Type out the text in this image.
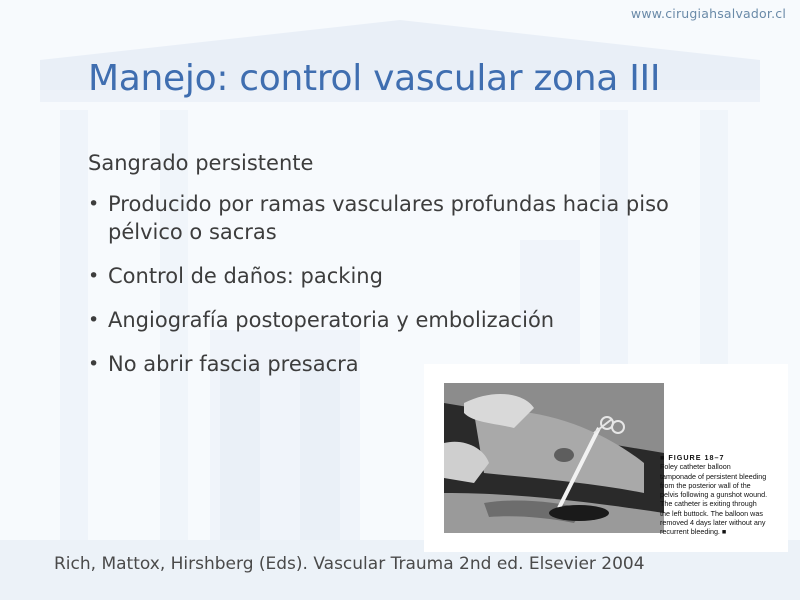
www.cirugiahsalvador.cl
Manejo: control vascular zona III

Sangrado persistente

• Producido por ramas vasculares profundas hacia piso pélvico o sacras
• Control de daños: packing
• Angiografía postoperatoria y embolización
• No abrir fascia presacra
■ FIGURE 18–7
Foley catheter balloon tamponade of persistent bleeding from the posterior wall of the pelvis following a gunshot wound. The catheter is exiting through the left buttock. The balloon was removed 4 days later without any recurrent bleeding. ■

Rich, Mattox, Hirshberg (Eds). Vascular Trauma 2nd ed. Elsevier 2004
